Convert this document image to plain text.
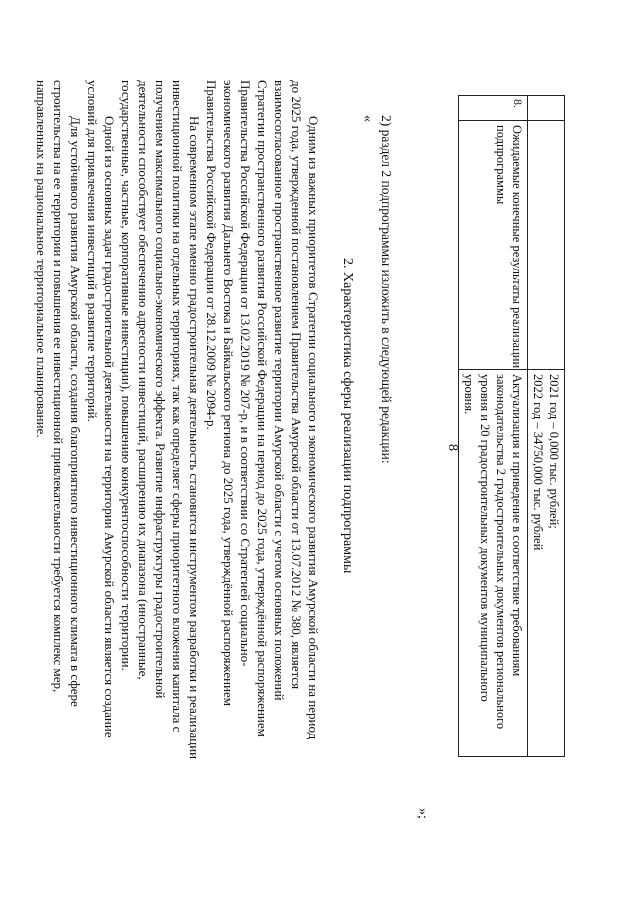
8	2021 год – 0,000 тыс. рублей;
2022 год – 34750,000 тыс. рублей
8.
Ожидаемые конечные результаты реализации
подпрограммы
Актуализация и приведение в соответствие требованиям
законодательства 2 градостроительных документов регионального
уровня и 20 градостроительных документов муниципального
уровня.
»;
2) раздел 2 подпрограммы изложить в следующей редакции:
«
2. Характеристика сферы реализации подпрограммы

Одним из важных приоритетов Стратегии социального и экономического развития Амурской области на период
до 2025 года, утвержденной постановлением Правительства Амурской области от 13.07.2012 № 380, является
взаимосогласованное пространственное развитие территории Амурской области с учетом основных положений
Стратегии пространственного развития Российской Федерации на период до 2025 года, утверждённой распоряжением
Правительства Российской Федерации от 13.02.2019 № 207-р, и в соответствии со Стратегией социально-
экономического развития Дальнего Востока и Байкальского региона до 2025 года, утверждённой распоряжением
Правительства Российской Федерации от 28.12.2009 № 2094-р.

На современном этапе именно градостроительная деятельность становится инструментом разработки и реализации
инвестиционной политики на отдельных территориях, так как определяет сферы приоритетного вложения капитала с
получением максимального социально-экономического эффекта. Развитие инфраструктуры градостроительной
деятельности способствует обеспечению адресности инвестиций, расширению их диапазона (иностранные,
государственные, частные, корпоративные инвестиции), повышению конкурентоспособности территории.

Одной из основных задач градостроительной деятельности на территории Амурской области является создание
условий для привлечения инвестиций в развитие территорий.

Для устойчивого развития Амурской области, создания благоприятного инвестиционного климата в сфере
строительства на ее территории и повышения ее инвестиционной привлекательности требуется комплекс мер,
направленных на рациональное территориальное планирование.
